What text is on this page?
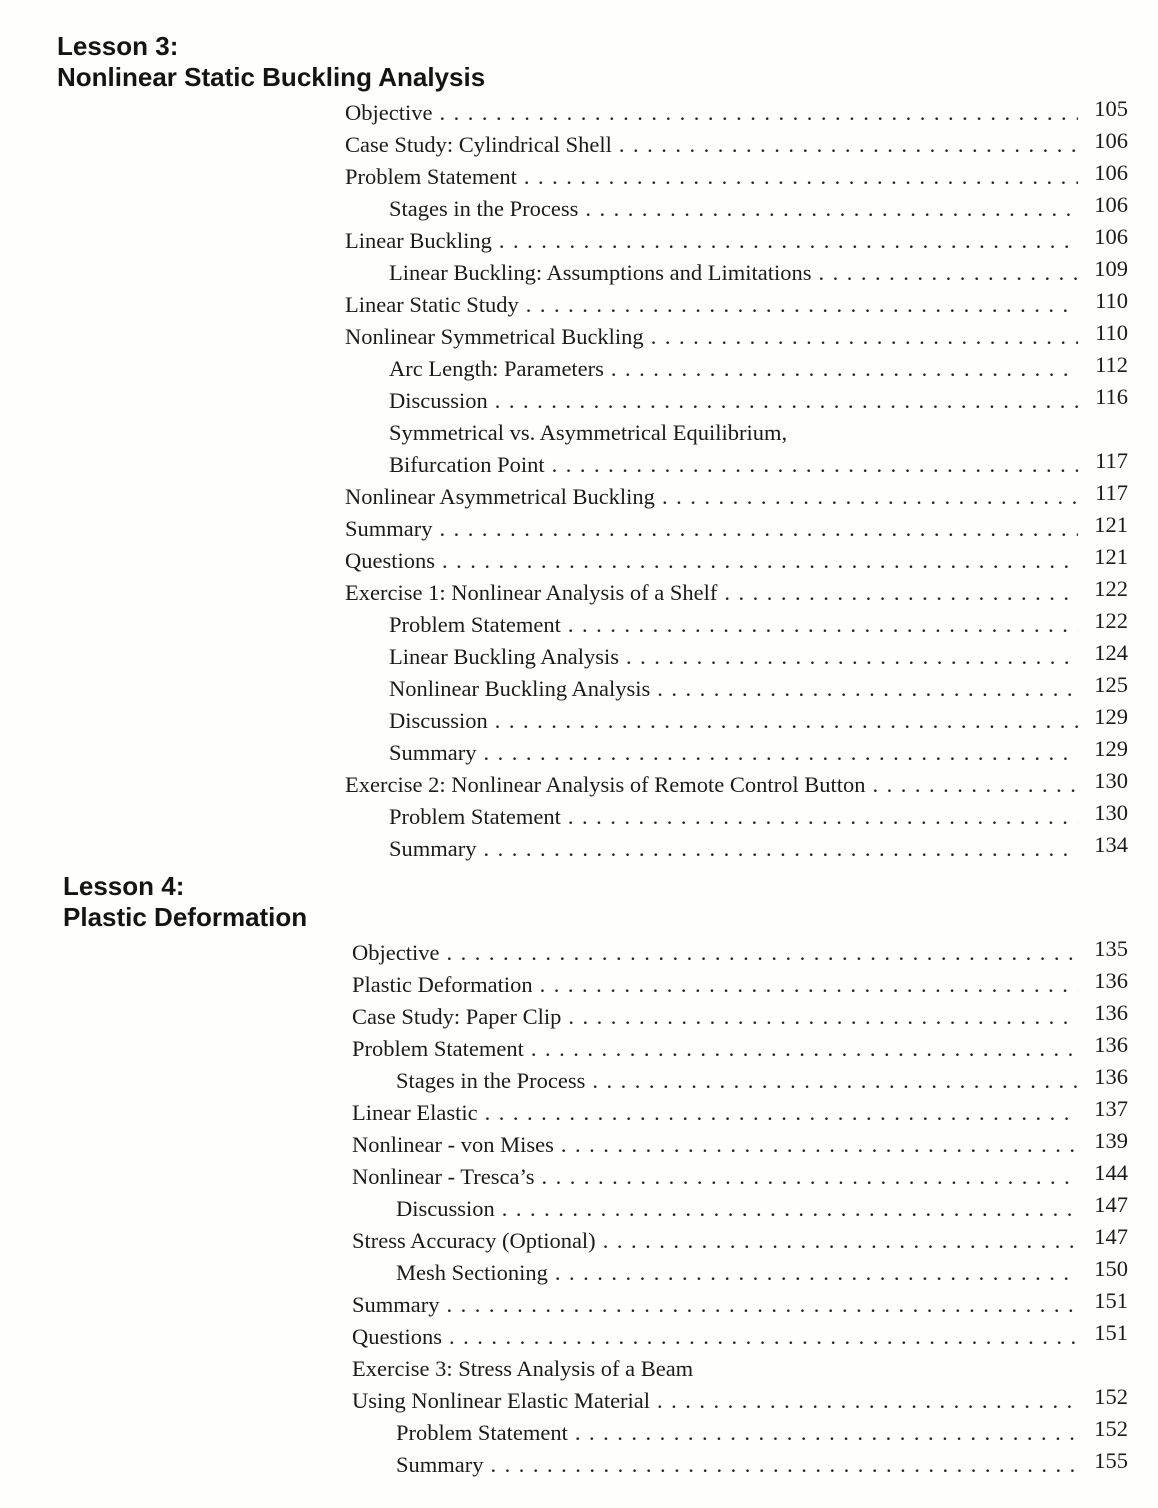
Lesson 3:
Nonlinear Static Buckling Analysis
Objective .....	105
Case Study: Cylindrical Shell .....	106
Problem Statement .....	106
Stages in the Process .....	106
Linear Buckling .....	106
Linear Buckling: Assumptions and Limitations .....	109
Linear Static Study .....	110
Nonlinear Symmetrical Buckling .....	110
Arc Length: Parameters .....	112
Discussion .....	116
Symmetrical vs. Asymmetrical Equilibrium,
Bifurcation Point .....	117
Nonlinear Asymmetrical Buckling .....	117
Summary .....	121
Questions .....	121
Exercise 1: Nonlinear Analysis of a Shelf .....	122
Problem Statement .....	122
Linear Buckling Analysis .....	124
Nonlinear Buckling Analysis .....	125
Discussion .....	129
Summary .....	129
Exercise 2: Nonlinear Analysis of Remote Control Button .....	130
Problem Statement .....	130
Summary .....	134
Lesson 4:
Plastic Deformation
Objective .....	135
Plastic Deformation .....	136
Case Study: Paper Clip .....	136
Problem Statement .....	136
Stages in the Process .....	136
Linear Elastic .....	137
Nonlinear - von Mises .....	139
Nonlinear - Tresca’s .....	144
Discussion .....	147
Stress Accuracy (Optional) .....	147
Mesh Sectioning .....	150
Summary .....	151
Questions .....	151
Exercise 3: Stress Analysis of a Beam
Using Nonlinear Elastic Material .....	152
Problem Statement .....	152
Summary .....	155
